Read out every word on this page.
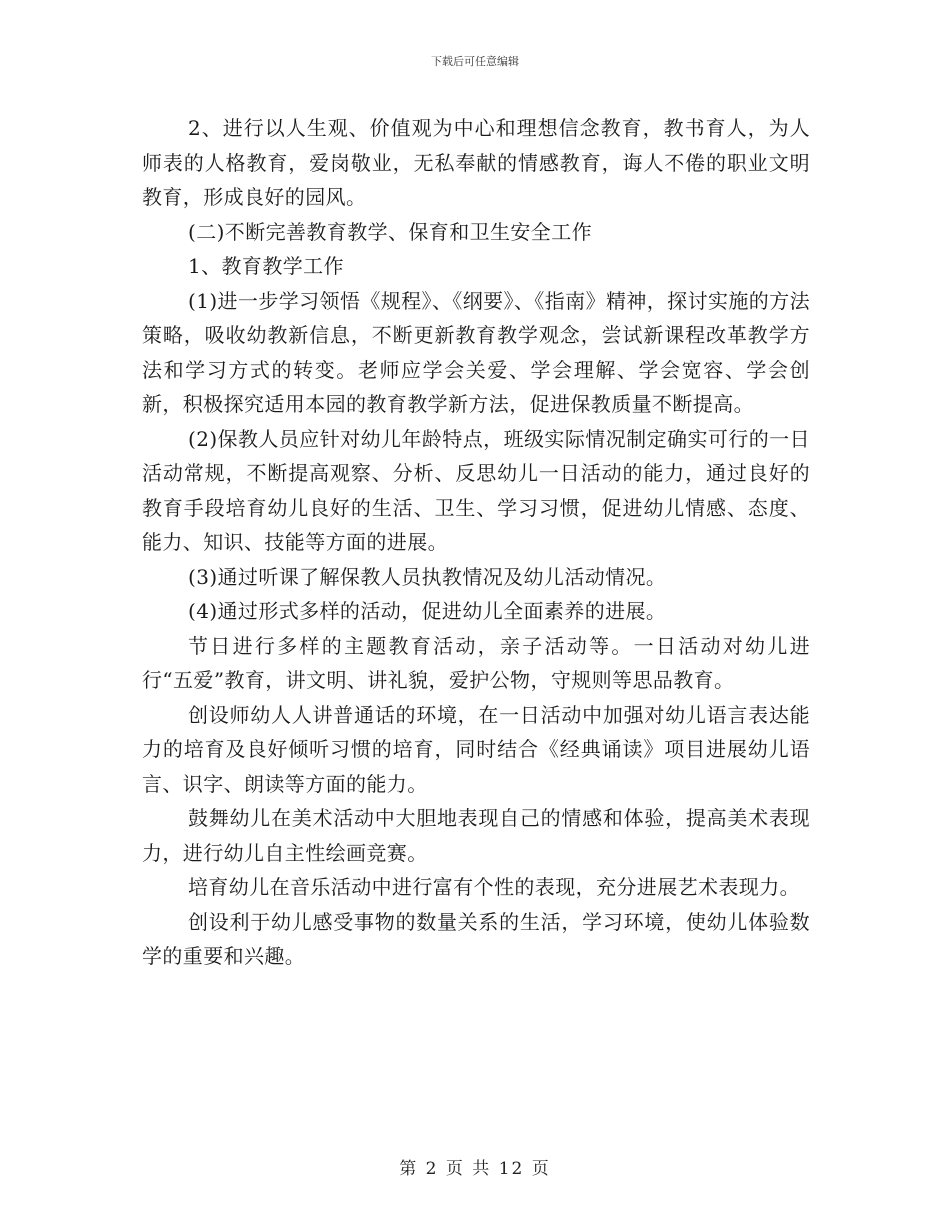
下载后可任意编辑

2、进行以人生观、价值观为中心和理想信念教育，教书育人，为人师表的人格教育，爱岗敬业，无私奉献的情感教育，诲人不倦的职业文明教育，形成良好的园风。

(二)不断完善教育教学、保育和卫生安全工作

1、教育教学工作

(1)进一步学习领悟《规程》、《纲要》、《指南》精神，探讨实施的方法策略，吸收幼教新信息，不断更新教育教学观念，尝试新课程改革教学方法和学习方式的转变。老师应学会关爱、学会理解、学会宽容、学会创新，积极探究适用本园的教育教学新方法，促进保教质量不断提高。

(2)保教人员应针对幼儿年龄特点，班级实际情况制定确实可行的一日活动常规，不断提高观察、分析、反思幼儿一日活动的能力，通过良好的教育手段培育幼儿良好的生活、卫生、学习习惯，促进幼儿情感、态度、能力、知识、技能等方面的进展。

(3)通过听课了解保教人员执教情况及幼儿活动情况。

(4)通过形式多样的活动，促进幼儿全面素养的进展。

节日进行多样的主题教育活动，亲子活动等。一日活动对幼儿进行“五爱”教育，讲文明、讲礼貌，爱护公物，守规则等思品教育。

创设师幼人人讲普通话的环境，在一日活动中加强对幼儿语言表达能力的培育及良好倾听习惯的培育，同时结合《经典诵读》项目进展幼儿语言、识字、朗读等方面的能力。

鼓舞幼儿在美术活动中大胆地表现自己的情感和体验，提高美术表现力，进行幼儿自主性绘画竞赛。

培育幼儿在音乐活动中进行富有个性的表现，充分进展艺术表现力。

创设利于幼儿感受事物的数量关系的生活，学习环境，使幼儿体验数学的重要和兴趣。

第 2 页 共 12 页
